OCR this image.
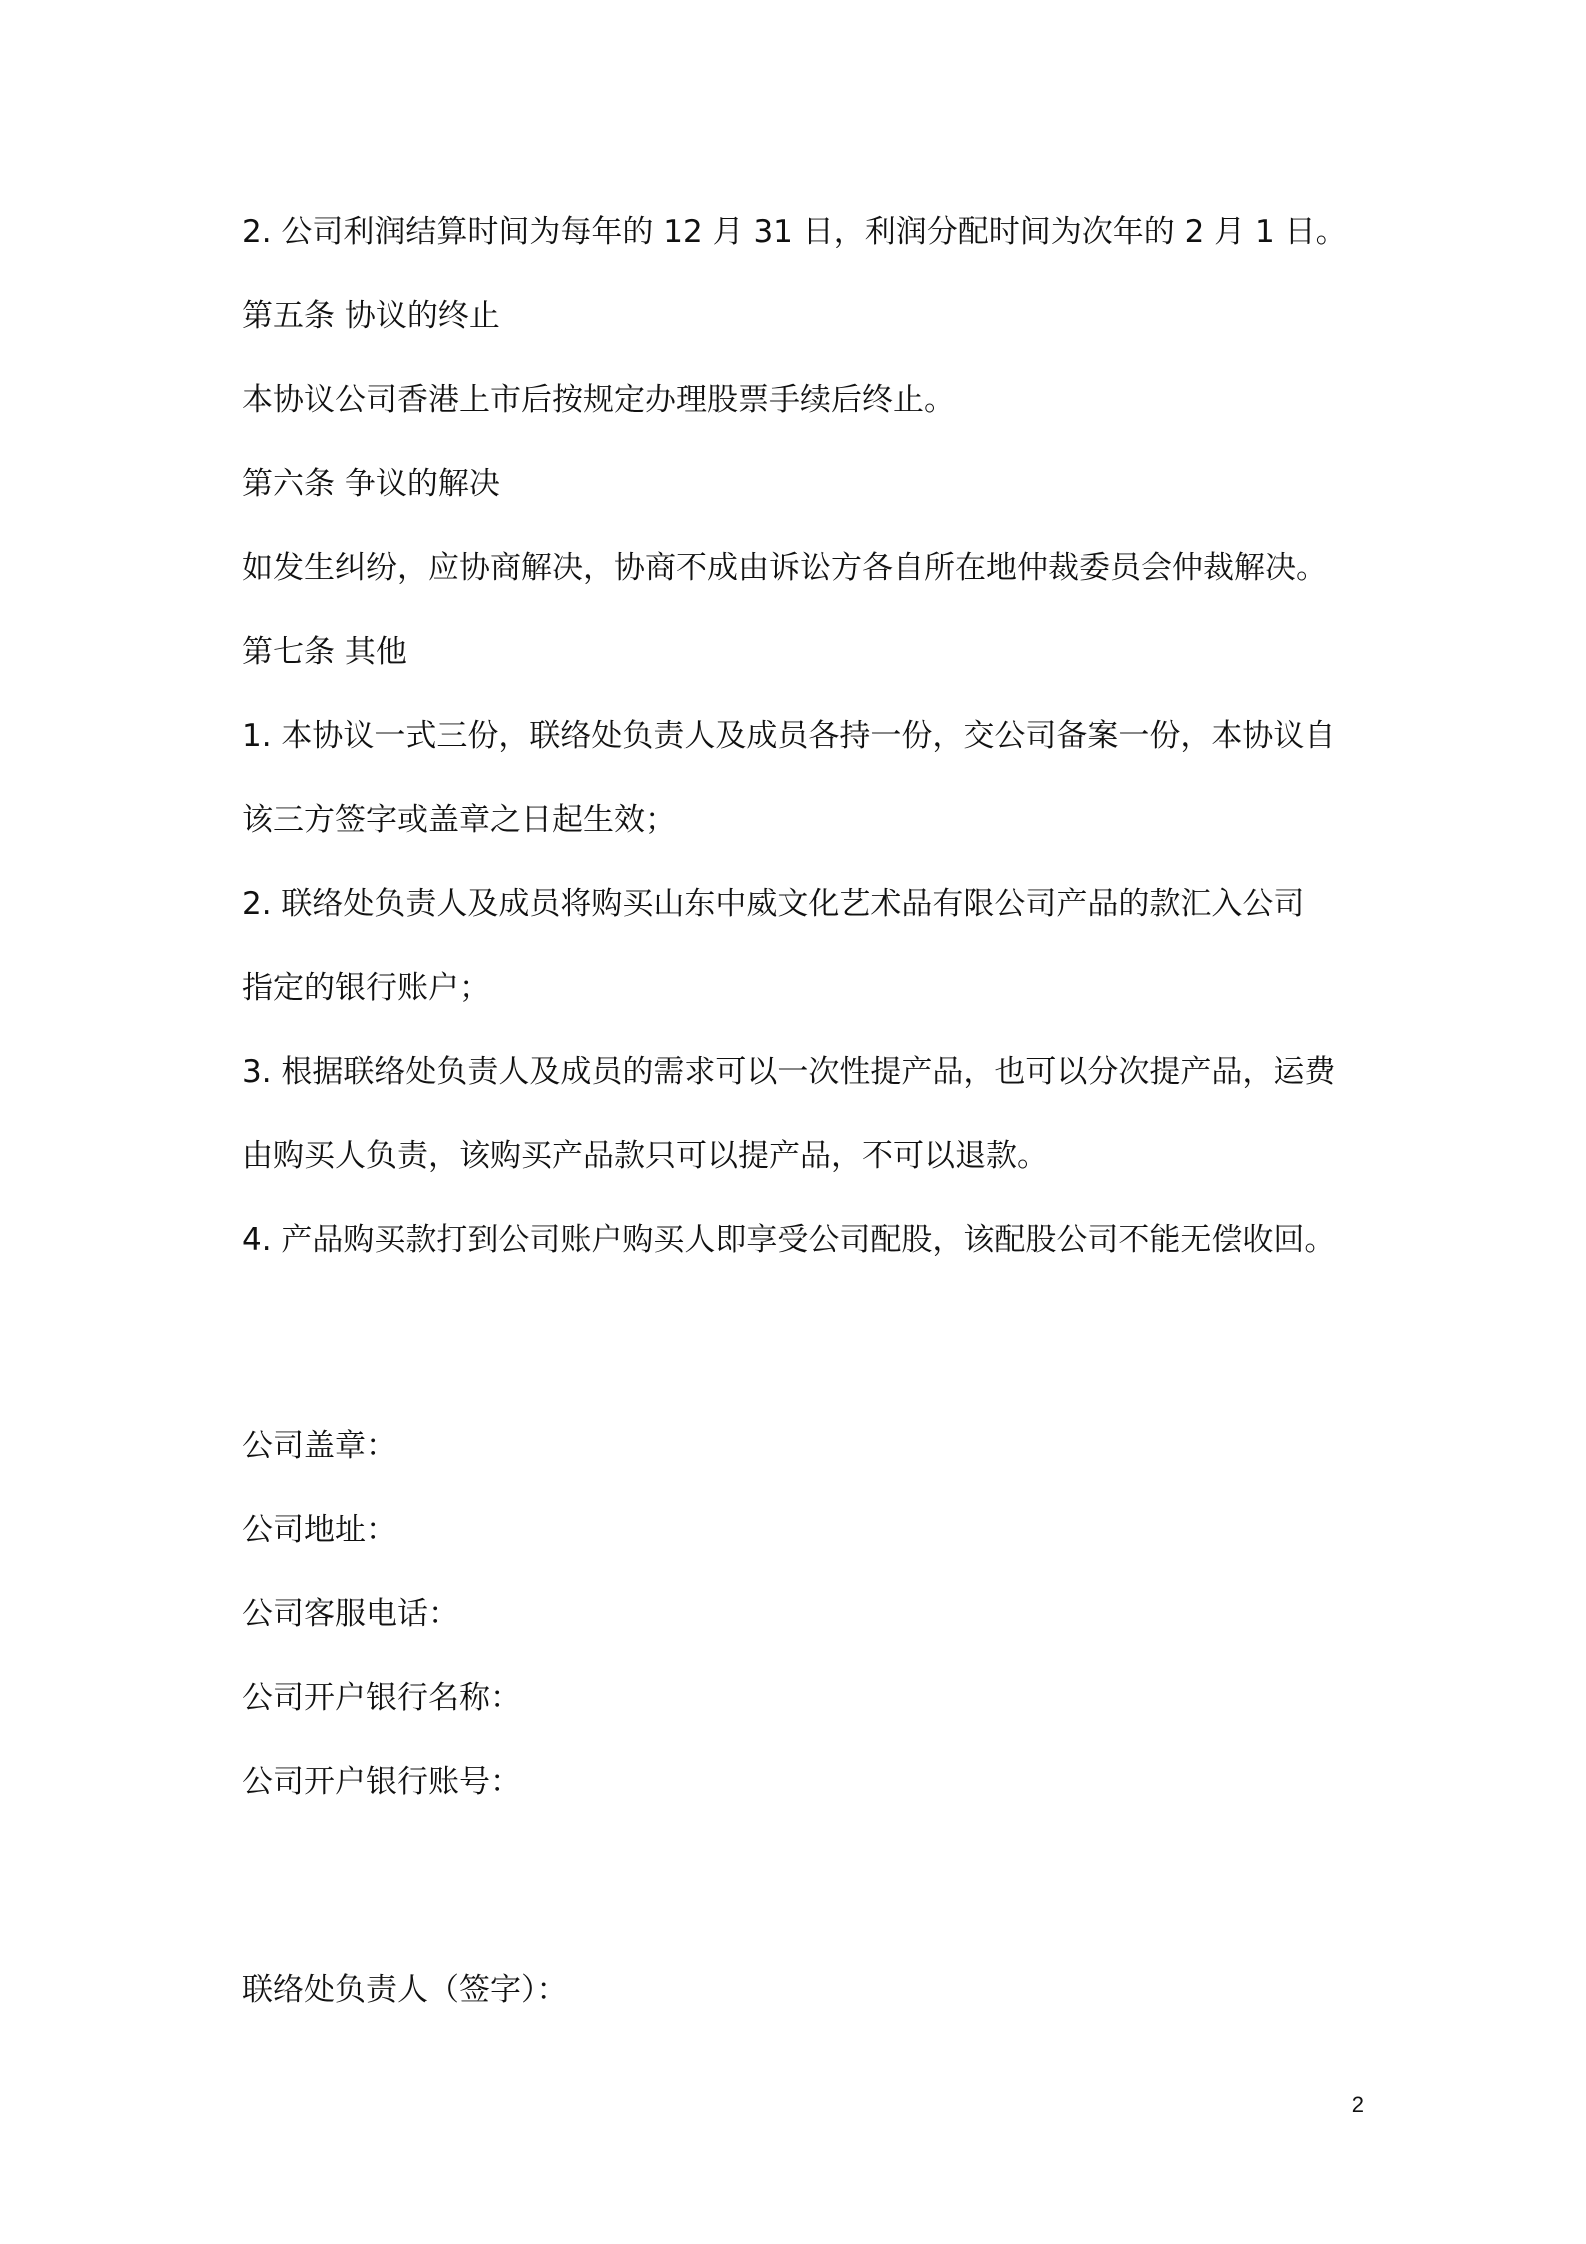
2. 公司利润结算时间为每年的 12 月 31 日，利润分配时间为次年的 2 月 1 日。
第五条 协议的终止
本协议公司香港上市后按规定办理股票手续后终止。
第六条 争议的解决
如发生纠纷，应协商解决，协商不成由诉讼方各自所在地仲裁委员会仲裁解决。
第七条 其他
1. 本协议一式三份，联络处负责人及成员各持一份，交公司备案一份，本协议自
该三方签字或盖章之日起生效；
2. 联络处负责人及成员将购买山东中威文化艺术品有限公司产品的款汇入公司
指定的银行账户；
3. 根据联络处负责人及成员的需求可以一次性提产品，也可以分次提产品，运费
由购买人负责，该购买产品款只可以提产品，不可以退款。
4. 产品购买款打到公司账户购买人即享受公司配股，该配股公司不能无偿收回。
公司盖章：
公司地址：
公司客服电话：
公司开户银行名称：
公司开户银行账号：
联络处负责人（签字）：
2
